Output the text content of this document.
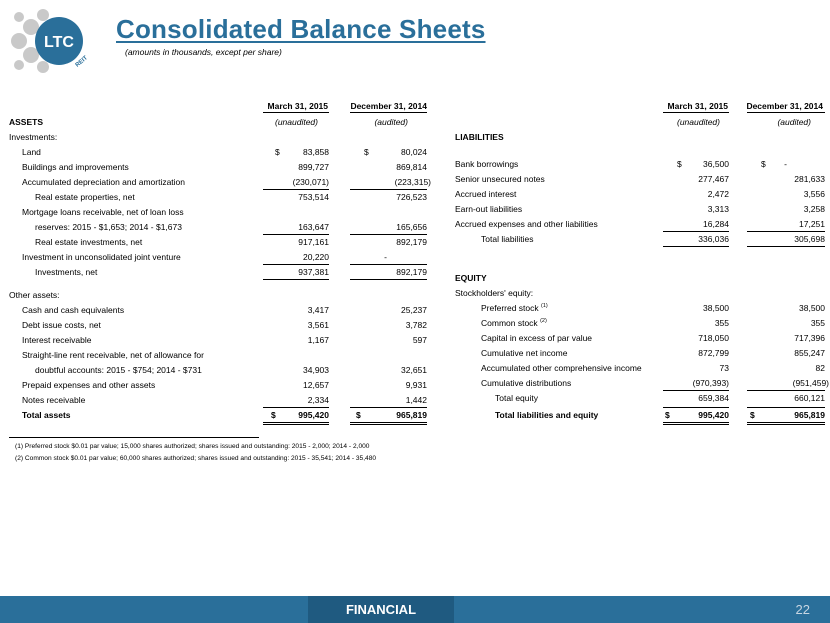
LTC
REIT
Consolidated Balance Sheets
(amounts in thousands, except per share)
March 31, 2015	December 31, 2014
ASSETS	(unaudited)	(audited)
Investments:
Land	$	83,858	$	80,024
Buildings and improvements	899,727	869,814
Accumulated depreciation and amortization	(230,071)	(223,315)
Real estate properties, net	753,514	726,523
Mortgage loans receivable, net of loan loss
reserves: 2015 - $1,653; 2014 - $1,673	163,647	165,656
Real estate investments, net	917,161	892,179
Investment in unconsolidated joint venture	20,220	-
Investments, net	937,381	892,179
Other assets:
Cash and cash equivalents	3,417	25,237
Debt issue costs, net	3,561	3,782
Interest receivable	1,167	597
Straight-line rent receivable, net of allowance for
doubtful accounts: 2015 - $754; 2014 - $731	34,903	32,651
Prepaid expenses and other assets	12,657	9,931
Notes receivable	2,334	1,442
Total assets	$	995,420	$	965,819
March 31, 2015	December 31, 2014
(unaudited)	(audited)
LIABILITIES
Bank borrowings	$	36,500	$	-
Senior unsecured notes	277,467	281,633
Accrued interest	2,472	3,556
Earn-out liabilities	3,313	3,258
Accrued expenses and other liabilities	16,284	17,251
Total liabilities	336,036	305,698
EQUITY
Stockholders' equity:
Preferred stock $^{(1)}$	38,500	38,500
Common stock $^{(2)}$	355	355
Capital in excess of par value	718,050	717,396
Cumulative net income	872,799	855,247
Accumulated other comprehensive income	73	82
Cumulative distributions	(970,393)	(951,459)
Total equity	659,384	660,121
Total liabilities and equity	$	995,420 $	965,819
(1) Preferred stock $0.01 par value; 15,000 shares authorized; shares issued and outstanding: 2015 - 2,000; 2014 - 2,000
(2) Common stock $0.01 par value; 60,000 shares authorized; shares issued and outstanding: 2015 - 35,541; 2014 - 35,480
FINANCIAL	22
